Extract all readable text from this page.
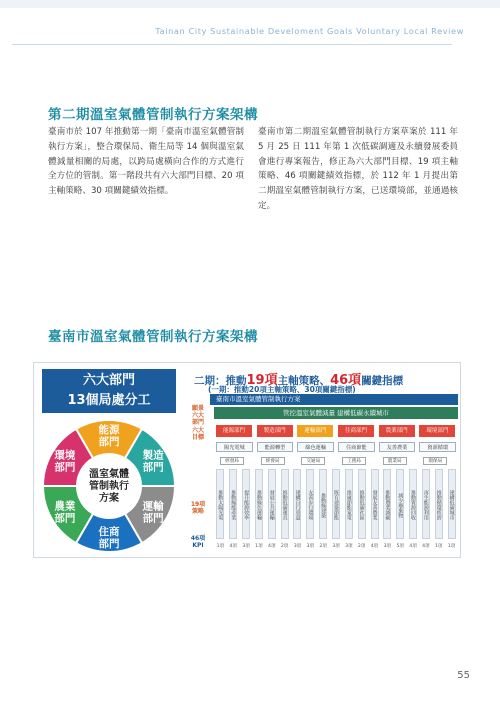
Tainan City Sustainable Develoment Goals Voluntary Local Review
第二期溫室氣體管制執行方案架構
臺南市於 107 年推動第一期「臺南市溫室氣體管制執行方案」，整合環保局、衛生局等 14 個與溫室氣體減量相關的局處，以跨局處橫向合作的方式進行全方位的管制。第一階段共有六大部門目標、20 項主軸策略、30 項關鍵績效指標。
臺南市第二期溫室氣體管制執行方案草案於 111 年 5 月 25 日 111 年第 1 次低碳調適及永續發展委員會進行專案報告，修正為六大部門目標、19 項主軸策略、46 項關鍵績效指標，於 112 年 1 月提出第二期溫室氣體管制執行方案，已送環境部，並通過核定。
臺南市溫室氣體管制執行方案架構
六大部門
13個局處分工
能源
部門
製造
部門
運輸
部門
住商
部門
農業
部門
環境
部門
溫室氣體
管制執行
方案
二期：推動19項主軸策略、46項關鍵指標
(一期：推動20項主軸策略、30項關鍵指標)
臺南市溫室氣體管制執行方案
管控溫室氣體減量 建構低碳永續城市
願景
六大
部門
六大
目標
19項
策略
46項
KPI
能源部門	製造部門	運輸部門	住商部門	農業部門	環境部門
陽光電城	能源轉型	綠色運輸	住商節能	友善農業	資源循環
經發局	經發局	交通局	工務局	農業局	環保局
推動太陽光電 推動綠能產業 提升能源效率 推動綠色運輸 發展公共運輸 推動低碳運具 建構自行車道 友善步行環境 推動綠建築 既有建築節能 推廣節能家電 推動低碳社區 發展友善農業 推動農業減碳 減少廢棄物 推動資源回收 再生能源利用 推動循環經濟 建構低碳城市
1項 4項 3項 1項 4項 2項 3項 3項 2項 3項 3項 2項 4項 3項 5項 4項 4項 1項 1項
55
